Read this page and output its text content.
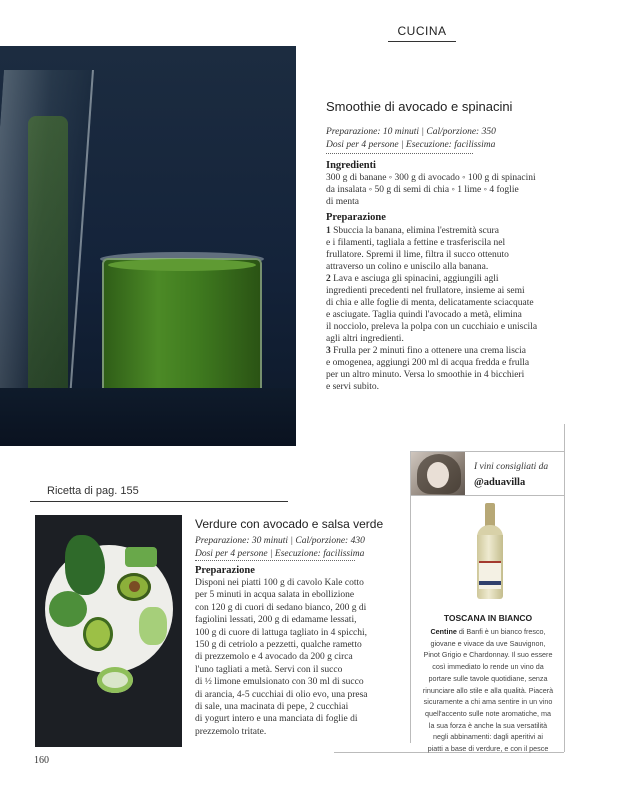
CUCINA
Smoothie di avocado e spinacini
Preparazione: 10 minuti | Cal/porzione: 350
Dosi per 4 persone | Esecuzione: facilissima
Ingredienti
300 g di banane ◦ 300 g di avocado ◦ 100 g di spinacini
da insalata ◦ 50 g di semi di chia ◦ 1 lime ◦ 4 foglie
di menta
Preparazione

1 Sbuccia la banana, elimina l'estremità scura

e i filamenti, tagliala a fettine e trasferiscila nel

frullatore. Spremi il lime, filtra il succo ottenuto

attraverso un colino e uniscilo alla banana.

2 Lava e asciuga gli spinacini, aggiungili agli

ingredienti precedenti nel frullatore, insieme ai semi

di chia e alle foglie di menta, delicatamente sciacquate

e asciugate. Taglia quindi l'avocado a metà, elimina

il nocciolo, preleva la polpa con un cucchiaio e uniscila

agli altri ingredienti.

3 Frulla per 2 minuti fino a ottenere una crema liscia

e omogenea, aggiungi 200 ml di acqua fredda e frulla

per un altro minuto. Versa lo smoothie in 4 bicchieri

e servi subito.

Ricetta di pag. 155
I vini consigliati da
@aduavilla
TOSCANA IN BIANCO
Centine di Banfi è un bianco fresco,
giovane e vivace da uve Sauvignon,
Pinot Grigio e Chardonnay. Il suo essere
così immediato lo rende un vino da
portare sulle tavole quotidiane, senza
rinunciare allo stile e alla qualità. Piacerà
sicuramente a chi ama sentire in un vino
quell'accento sulle note aromatiche, ma
la sua forza è anche la sua versatilità
negli abbinamenti: dagli aperitivi ai
piatti a base di verdure, e con il pesce
Verdure con avocado e salsa verde
Preparazione: 30 minuti | Cal/porzione: 430
Dosi per 4 persone | Esecuzione: facilissima
Preparazione
Disponi nei piatti 100 g di cavolo Kale cotto
per 5 minuti in acqua salata in ebollizione
con 120 g di cuori di sedano bianco, 200 g di
fagiolini lessati, 200 g di edamame lessati,
100 g di cuore di lattuga tagliato in 4 spicchi,
150 g di cetriolo a pezzetti, qualche rametto
di prezzemolo e 4 avocado da 200 g circa
l'uno tagliati a metà. Servi con il succo
di ½ limone emulsionato con 30 ml di succo
di arancia, 4-5 cucchiai di olio evo, una presa
di sale, una macinata di pepe, 2 cucchiai
di yogurt intero e una manciata di foglie di
prezzemolo tritate.
160
